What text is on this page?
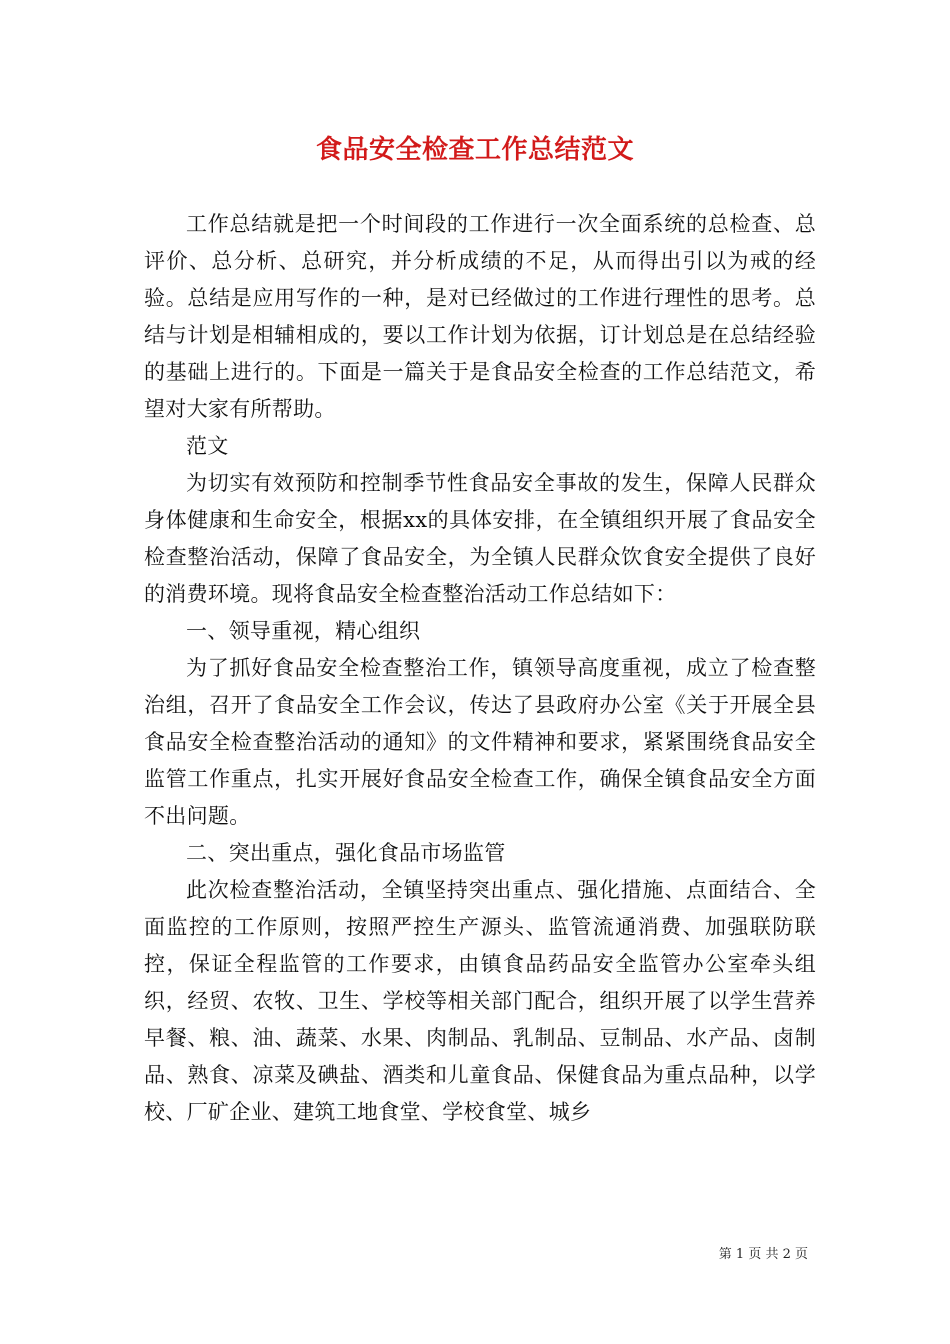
食品安全检查工作总结范文

工作总结就是把一个时间段的工作进行一次全面系统的总检查、总评价、总分析、总研究，并分析成绩的不足，从而得出引以为戒的经验。总结是应用写作的一种，是对已经做过的工作进行理性的思考。总结与计划是相辅相成的，要以工作计划为依据，订计划总是在总结经验的基础上进行的。下面是一篇关于是食品安全检查的工作总结范文，希望对大家有所帮助。

范文

为切实有效预防和控制季节性食品安全事故的发生，保障人民群众身体健康和生命安全，根据xx的具体安排，在全镇组织开展了食品安全检查整治活动，保障了食品安全，为全镇人民群众饮食安全提供了良好的消费环境。现将食品安全检查整治活动工作总结如下：

一、领导重视，精心组织

为了抓好食品安全检查整治工作，镇领导高度重视，成立了检查整治组，召开了食品安全工作会议，传达了县政府办公室《关于开展全县食品安全检查整治活动的通知》的文件精神和要求，紧紧围绕食品安全监管工作重点，扎实开展好食品安全检查工作，确保全镇食品安全方面不出问题。

二、突出重点，强化食品市场监管

此次检查整治活动，全镇坚持突出重点、强化措施、点面结合、全面监控的工作原则，按照严控生产源头、监管流通消费、加强联防联控，保证全程监管的工作要求，由镇食品药品安全监管办公室牵头组织，经贸、农牧、卫生、学校等相关部门配合，组织开展了以学生营养早餐、粮、油、蔬菜、水果、肉制品、乳制品、豆制品、水产品、卤制品、熟食、凉菜及碘盐、酒类和儿童食品、保健食品为重点品种，以学校、厂矿企业、建筑工地食堂、学校食堂、城乡

第 1 页 共 2 页
